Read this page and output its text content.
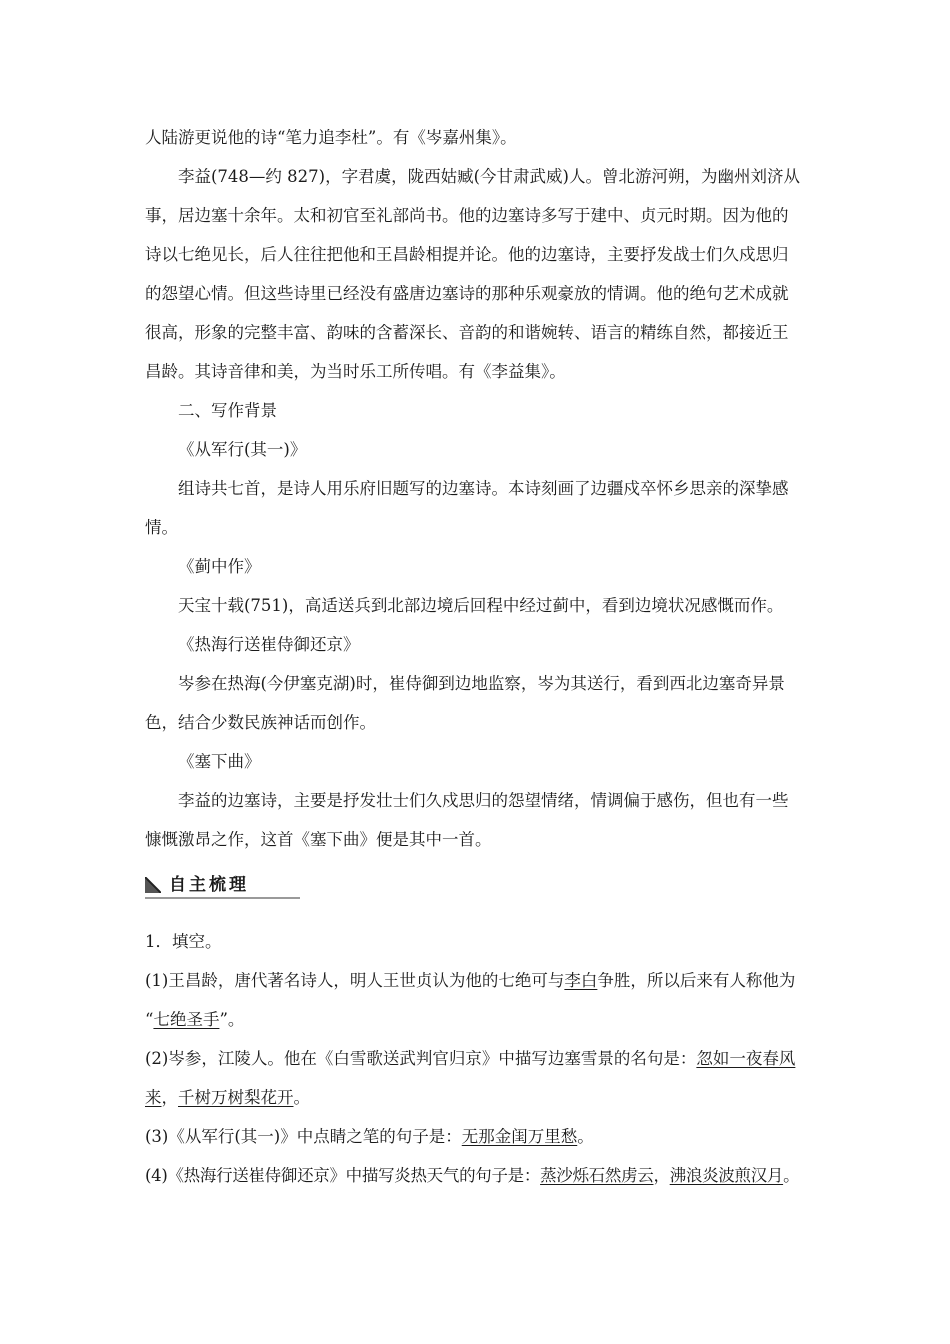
人陆游更说他的诗“笔力追李杜”。有《岑嘉州集》。
李益(748—约 827)，字君虞，陇西姑臧(今甘肃武威)人。曾北游河朔，为幽州刘济从
事，居边塞十余年。太和初官至礼部尚书。他的边塞诗多写于建中、贞元时期。因为他的
诗以七绝见长，后人往往把他和王昌龄相提并论。他的边塞诗，主要抒发战士们久戍思归
的怨望心情。但这些诗里已经没有盛唐边塞诗的那种乐观豪放的情调。他的绝句艺术成就
很高，形象的完整丰富、韵味的含蓄深长、音韵的和谐婉转、语言的精练自然，都接近王
昌龄。其诗音律和美，为当时乐工所传唱。有《李益集》。
二、写作背景
《从军行(其一)》
组诗共七首，是诗人用乐府旧题写的边塞诗。本诗刻画了边疆戍卒怀乡思亲的深挚感
情。
《蓟中作》
天宝十载(751)，高适送兵到北部边境后回程中经过蓟中，看到边境状况感慨而作。
《热海行送崔侍御还京》
岑参在热海(今伊塞克湖)时，崔侍御到边地监察，岑为其送行，看到西北边塞奇异景
色，结合少数民族神话而创作。
《塞下曲》
李益的边塞诗，主要是抒发壮士们久戍思归的怨望情绪，情调偏于感伤，但也有一些
慷慨激昂之作，这首《塞下曲》便是其中一首。
自主梳理
1．填空。
(1)王昌龄，唐代著名诗人，明人王世贞认为他的七绝可与李白争胜，所以后来有人称他为
“七绝圣手”。
(2)岑参，江陵人。他在《白雪歌送武判官归京》中描写边塞雪景的名句是：忽如一夜春风
来，千树万树梨花开。
(3)《从军行(其一)》中点睛之笔的句子是：无那金闺万里愁。
(4)《热海行送崔侍御还京》中描写炎热天气的句子是：蒸沙烁石然虏云，沸浪炎波煎汉月。
